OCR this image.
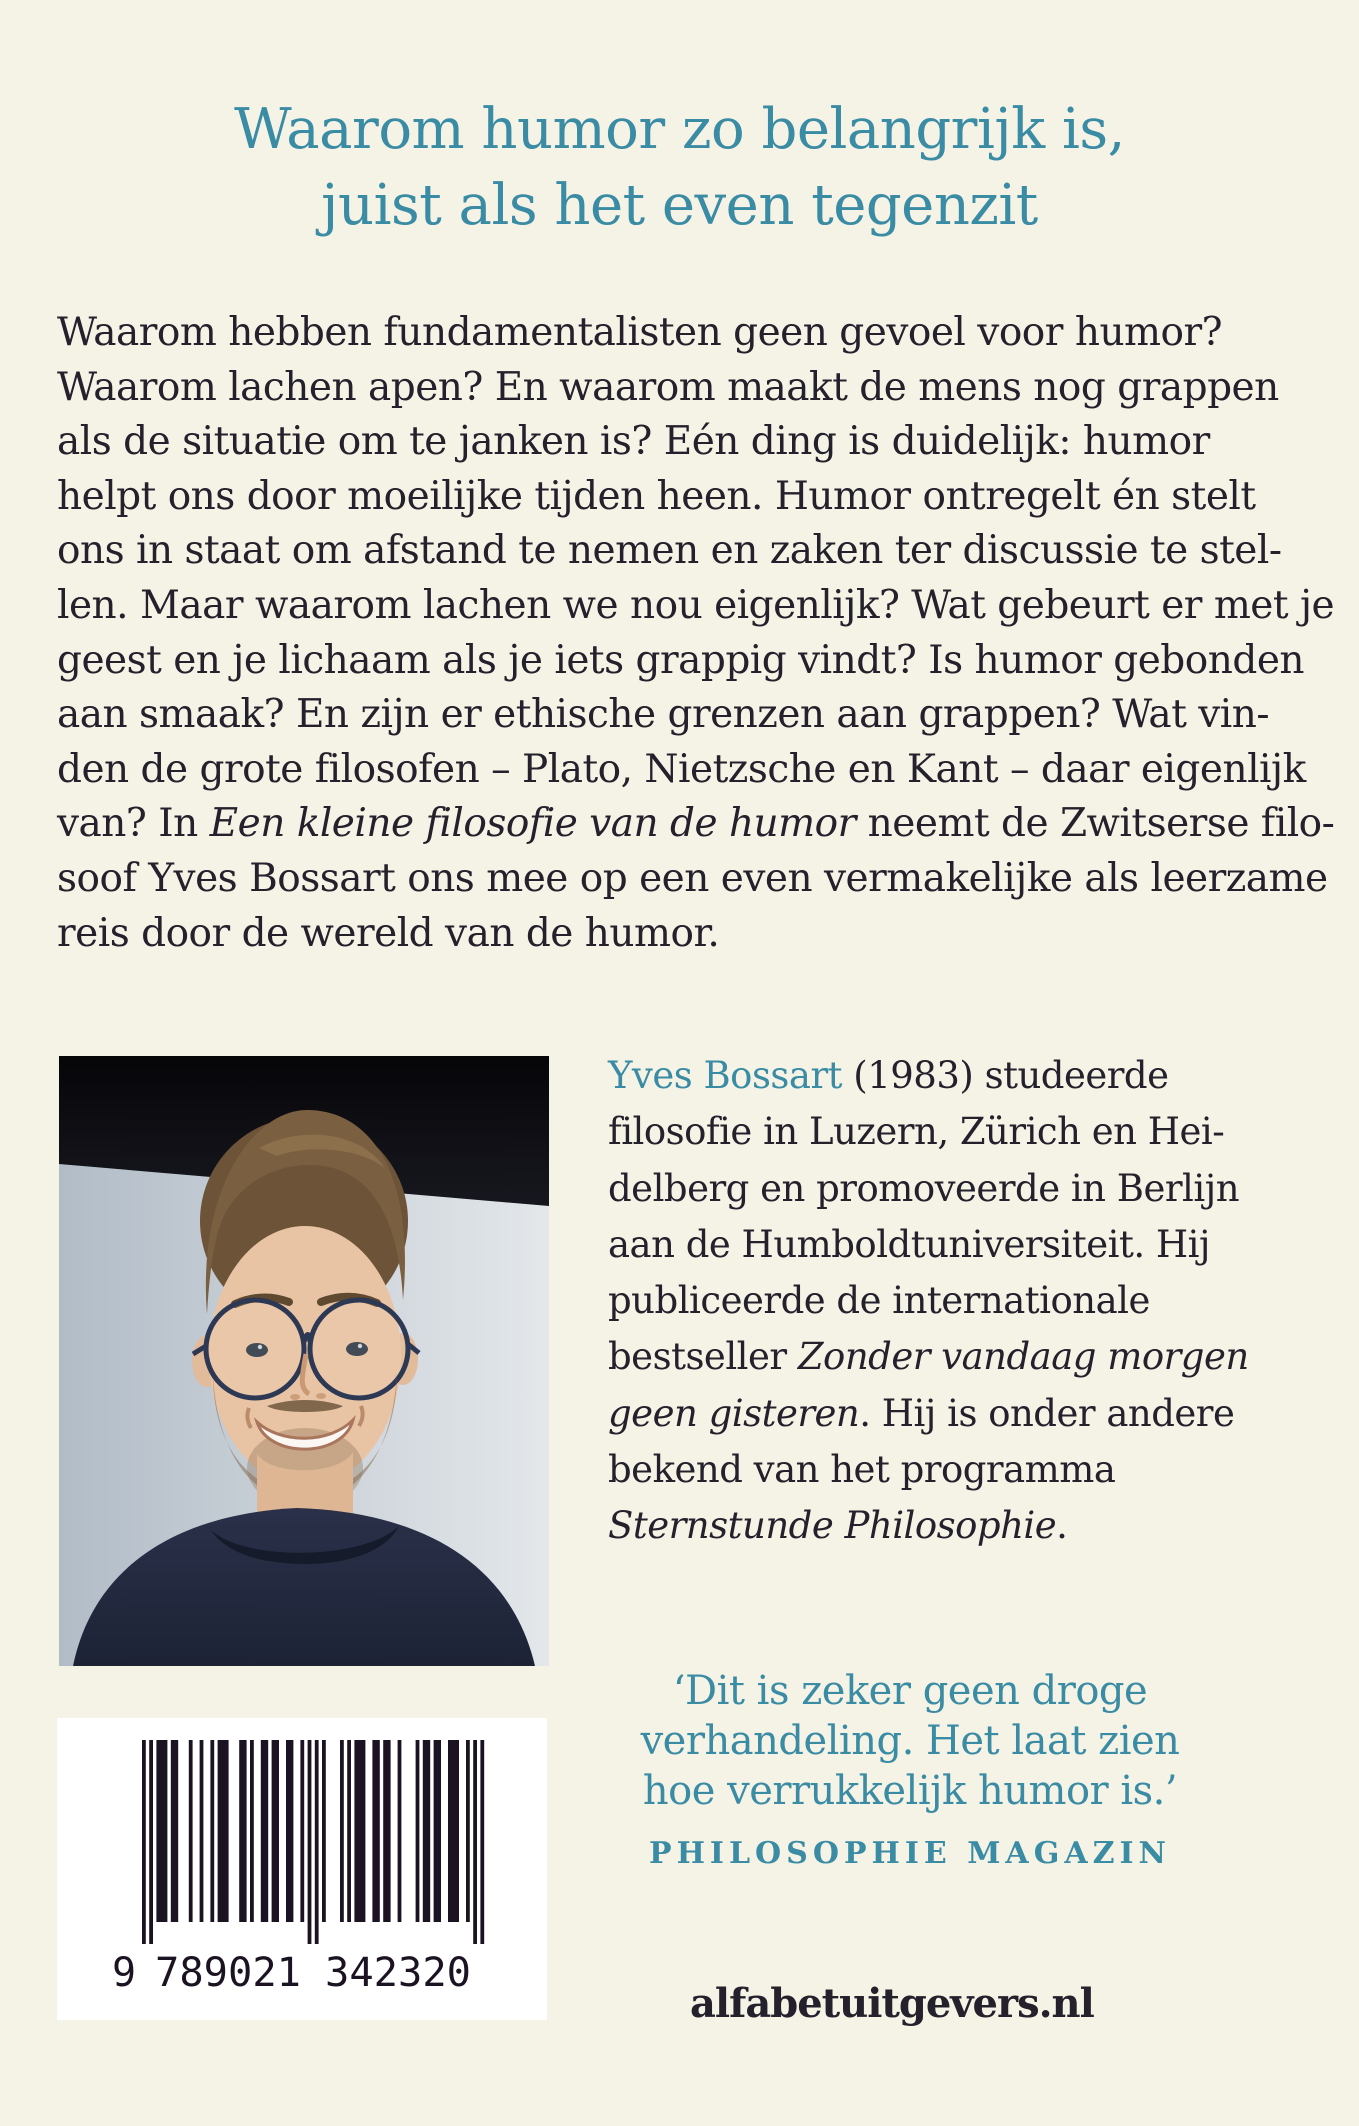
Waarom humor zo belangrijk is,
juist als het even tegenzit
Waarom hebben fundamentalisten geen gevoel voor humor?
Waarom lachen apen? En waarom maakt de mens nog grappen
als de situatie om te janken is? Eén ding is duidelijk: humor
helpt ons door moeilijke tijden heen. Humor ontregelt én stelt
ons in staat om afstand te nemen en zaken ter discussie te stel-
len. Maar waarom lachen we nou eigenlijk? Wat gebeurt er met je
geest en je lichaam als je iets grappig vindt? Is humor gebonden
aan smaak? En zijn er ethische grenzen aan grappen? Wat vin-
den de grote filosofen – Plato, Nietzsche en Kant – daar eigenlijk
van? In Een kleine filosofie van de humor neemt de Zwitserse filo-
soof Yves Bossart ons mee op een even vermakelijke als leerzame
reis door de wereld van de humor.
Yves Bossart (1983) studeerde
filosofie in Luzern, Zürich en Hei-
delberg en promoveerde in Berlijn
aan de Humboldtuniversiteit. Hij
publiceerde de internationale
bestseller Zonder vandaag morgen
geen gisteren. Hij is onder andere
bekend van het programma
Sternstunde Philosophie.
‘Dit is zeker geen droge
verhandeling. Het laat zien
hoe verrukkelijk humor is.’
PHILOSOPHIE MAGAZIN
9 789021 342320
alfabetuitgevers.nl
